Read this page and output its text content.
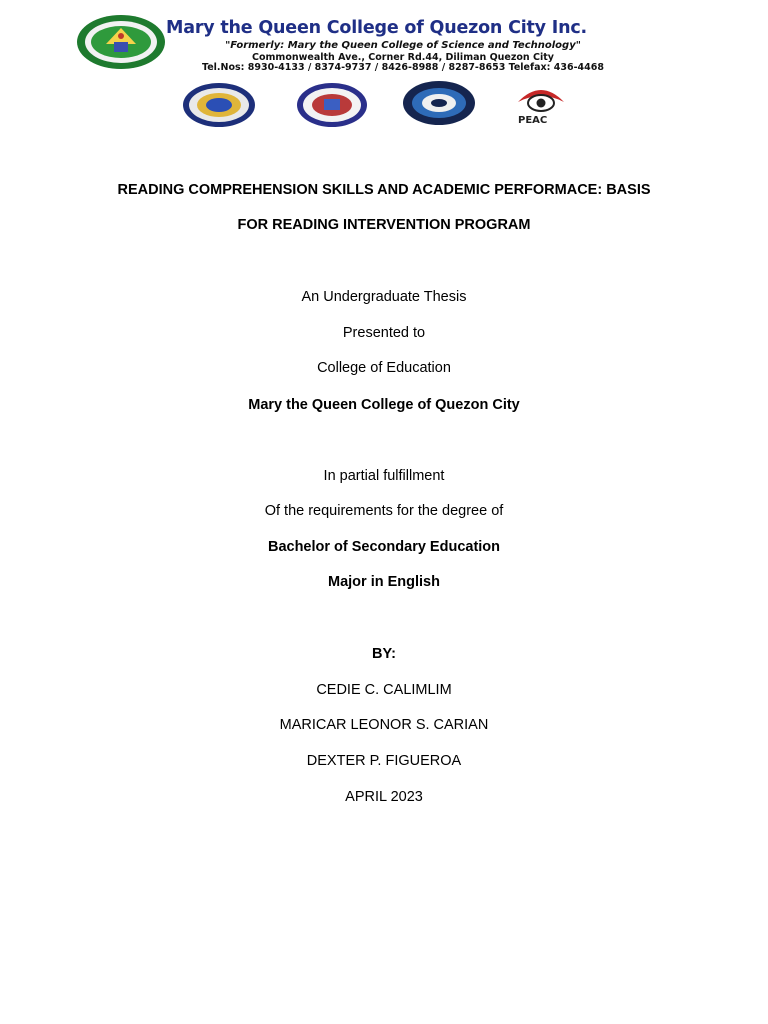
Mary the Queen College of Quezon City Inc.
"Formerly: Mary the Queen College of Science and Technology"
Commonwealth Ave., Corner Rd.44, Diliman Quezon City
Tel.Nos: 8930-4133 / 8374-9737 / 8426-8988 / 8287-8653 Telefax: 436-4468
PEAC
READING COMPREHENSION SKILLS AND ACADEMIC PERFORMACE: BASIS
FOR READING INTERVENTION PROGRAM
An Undergraduate Thesis
Presented to
College of Education
Mary the Queen College of Quezon City
In partial fulfillment
Of the requirements for the degree of
Bachelor of Secondary Education
Major in English
BY:
CEDIE C. CALIMLIM
MARICAR LEONOR S. CARIAN
DEXTER P. FIGUEROA
APRIL 2023
